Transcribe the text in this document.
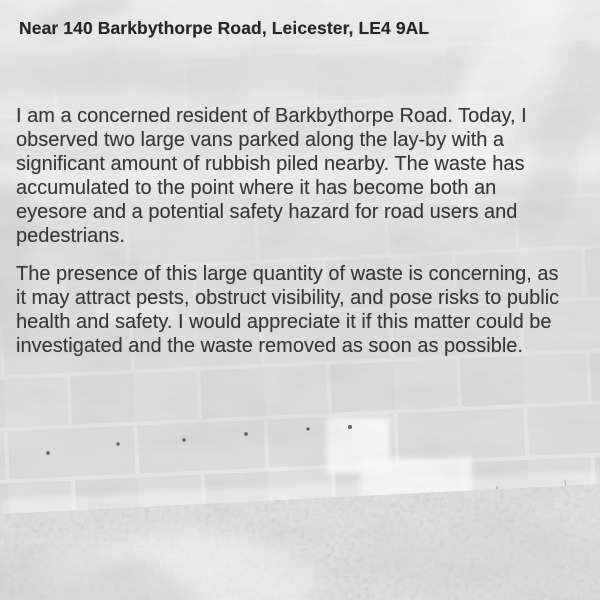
Near 140 Barkbythorpe Road, Leicester, LE4 9AL

I am a concerned resident of Barkbythorpe Road. Today, I observed two large vans parked along the lay-by with a significant amount of rubbish piled nearby. The waste has accumulated to the point where it has become both an eyesore and a potential safety hazard for road users and pedestrians.

The presence of this large quantity of waste is concerning, as it may attract pests, obstruct visibility, and pose risks to public health and safety. I would appreciate it if this matter could be investigated and the waste removed as soon as possible.
